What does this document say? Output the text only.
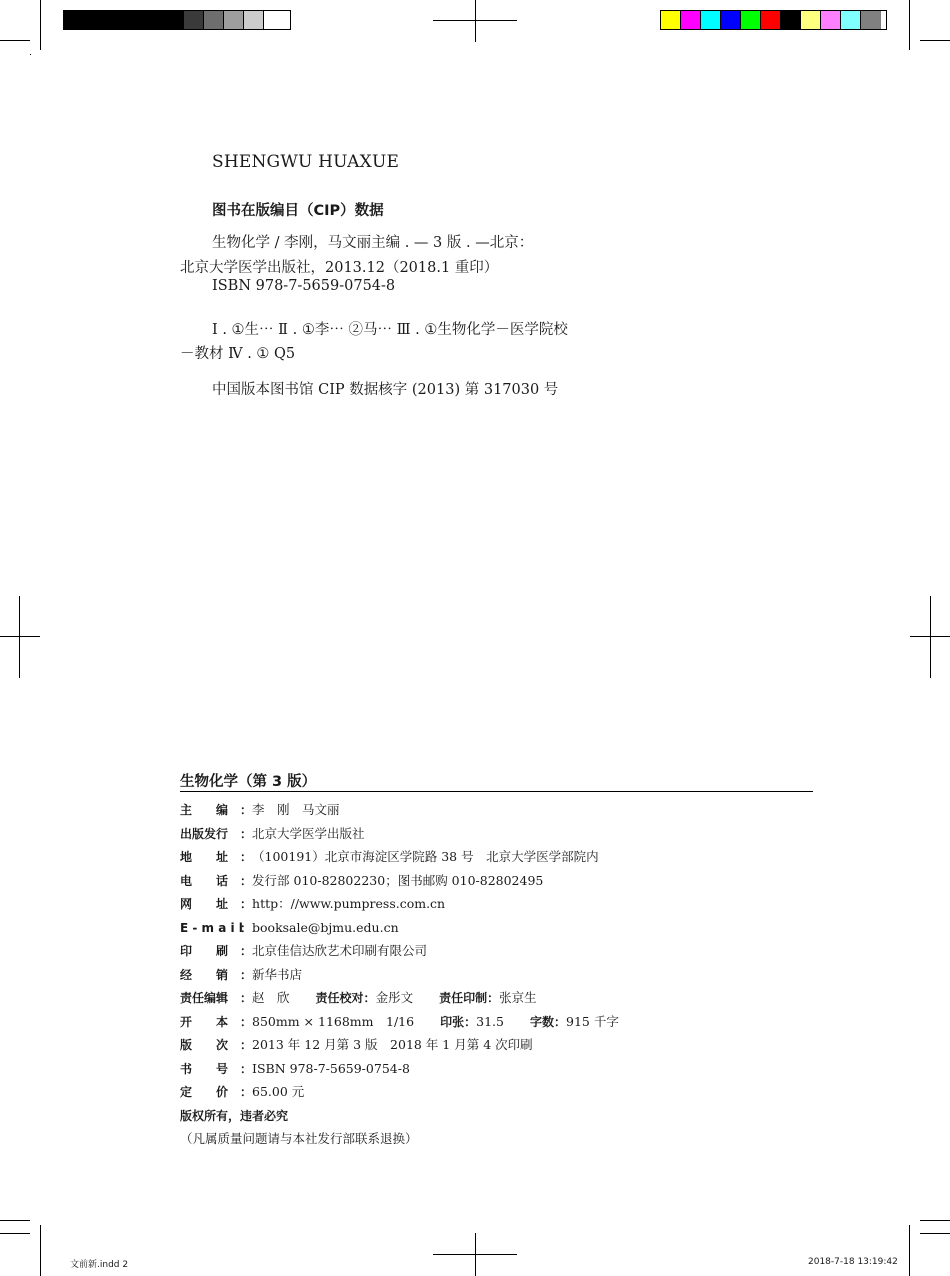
SHENGWU HUAXUE
图书在版编目（CIP）数据
生物化学 / 李刚，马文丽主编 . — 3 版 . —北京：
北京大学医学出版社，2013.12（2018.1 重印）
ISBN 978-7-5659-0754-8
Ⅰ . ①生⋯ Ⅱ . ①李⋯ ②马⋯ Ⅲ . ①生物化学－医学院校
－教材 Ⅳ . ① Q5
中国版本图书馆 CIP 数据核字 (2013) 第 317030 号
生物化学（第 3 版）
主　　编 ： 李　刚　马文丽
出版发行 ： 北京大学医学出版社
地　　址 ： （100191）北京市海淀区学院路 38 号　北京大学医学部院内
电　　话 ： 发行部 010-82802230；图书邮购 010-82802495
网　　址 ： http：//www.pumpress.com.cn
E - m a i l
： booksale@bjmu.edu.cn
印　　刷 ： 北京佳信达欣艺术印刷有限公司
经　　销 ： 新华书店
责任编辑 ： 赵　欣 责任校对 ： 金彤文 责任印制 ： 张京生
开　　本 ： 850mm × 1168mm　1/16 印张 ： 31.5 字数 ： 915 千字
版　　次 ： 2013 年 12 月第 3 版　2018 年 1 月第 4 次印刷
书　　号 ： ISBN 978-7-5659-0754-8
定　　价 ： 65.00 元
版权所有，违者必究
（凡属质量问题请与本社发行部联系退换）
文前新.indd 2	2018-7-18 13:19:42
